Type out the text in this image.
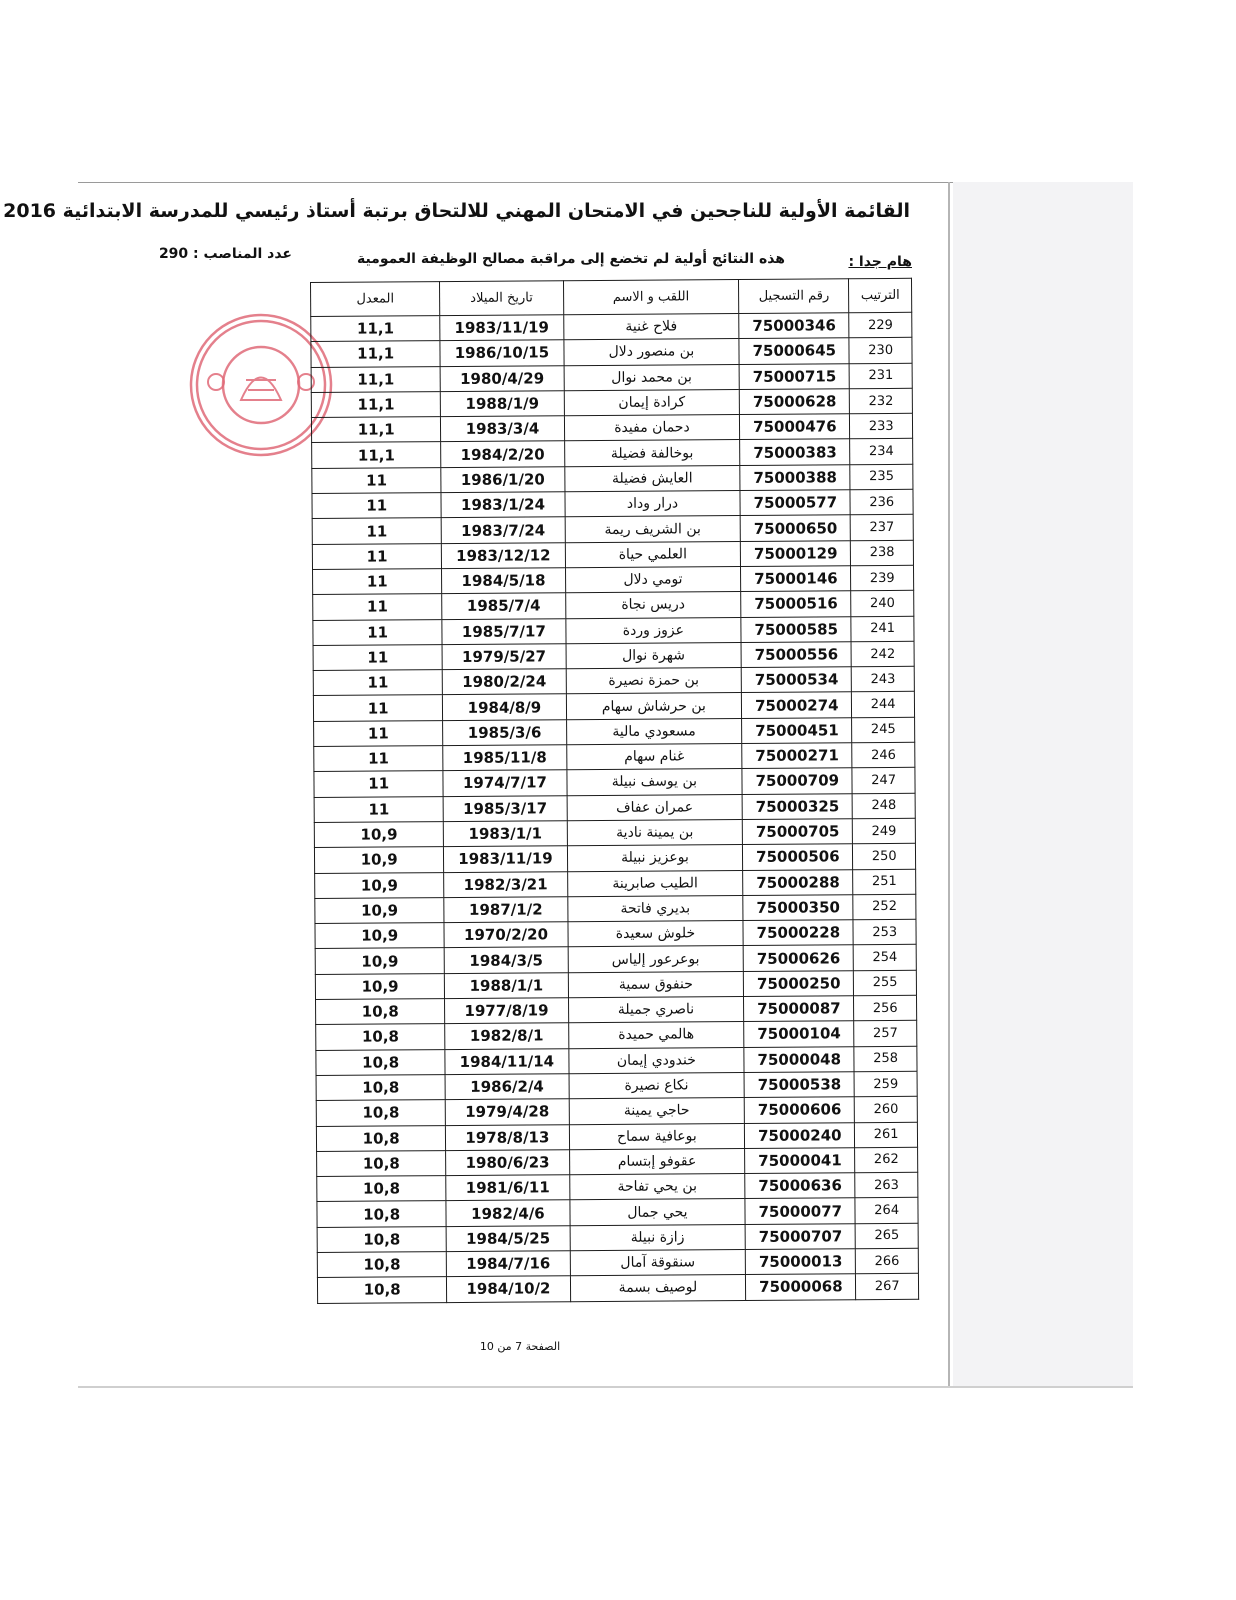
القائمة الأولية للناجحين في الامتحان المهني للالتحاق برتبة أستاذ رئيسي للمدرسة الابتدائية 2016
هام جدا :
هذه النتائج أولية لم تخضع إلى مراقبة مصالح الوظيفة العمومية
عدد المناصب : 290
الترتيب	رقم التسجيل	اللقب و الاسم	تاريخ الميلاد	المعدل
229	75000346	فلاح غنية	1983/11/19	11,1
230	75000645	بن منصور دلال	1986/10/15	11,1
231	75000715	بن محمد نوال	1980/4/29	11,1
232	75000628	كرادة إيمان	1988/1/9	11,1
233	75000476	دحمان مفيدة	1983/3/4	11,1
234	75000383	بوخالفة فضيلة	1984/2/20	11,1
235	75000388	العايش فضيلة	1986/1/20	11
236	75000577	درار وداد	1983/1/24	11
237	75000650	بن الشريف ريمة	1983/7/24	11
238	75000129	العلمي حياة	1983/12/12	11
239	75000146	تومي دلال	1984/5/18	11
240	75000516	دريس نجاة	1985/7/4	11
241	75000585	عزوز وردة	1985/7/17	11
242	75000556	شهرة نوال	1979/5/27	11
243	75000534	بن حمزة نصيرة	1980/2/24	11
244	75000274	بن حرشاش سهام	1984/8/9	11
245	75000451	مسعودي مالية	1985/3/6	11
246	75000271	غنام سهام	1985/11/8	11
247	75000709	بن يوسف نبيلة	1974/7/17	11
248	75000325	عمران عفاف	1985/3/17	11
249	75000705	بن يمينة نادية	1983/1/1	10,9
250	75000506	بوعزيز نبيلة	1983/11/19	10,9
251	75000288	الطيب صابرينة	1982/3/21	10,9
252	75000350	بديري فاتحة	1987/1/2	10,9
253	75000228	خلوش سعيدة	1970/2/20	10,9
254	75000626	بوعرعور إلياس	1984/3/5	10,9
255	75000250	حنفوق سمية	1988/1/1	10,9
256	75000087	ناصري جميلة	1977/8/19	10,8
257	75000104	هالمي حميدة	1982/8/1	10,8
258	75000048	خندودي إيمان	1984/11/14	10,8
259	75000538	نكاع نصيرة	1986/2/4	10,8
260	75000606	حاجي يمينة	1979/4/28	10,8
261	75000240	بوعافية سماح	1978/8/13	10,8
262	75000041	عقوفو إبتسام	1980/6/23	10,8
263	75000636	بن يحي تفاحة	1981/6/11	10,8
264	75000077	يحي جمال	1982/4/6	10,8
265	75000707	زازة نبيلة	1984/5/25	10,8
266	75000013	سنقوقة آمال	1984/7/16	10,8
267	75000068	لوصيف بسمة	1984/10/2	10,8
الصفحة 7 من 10
